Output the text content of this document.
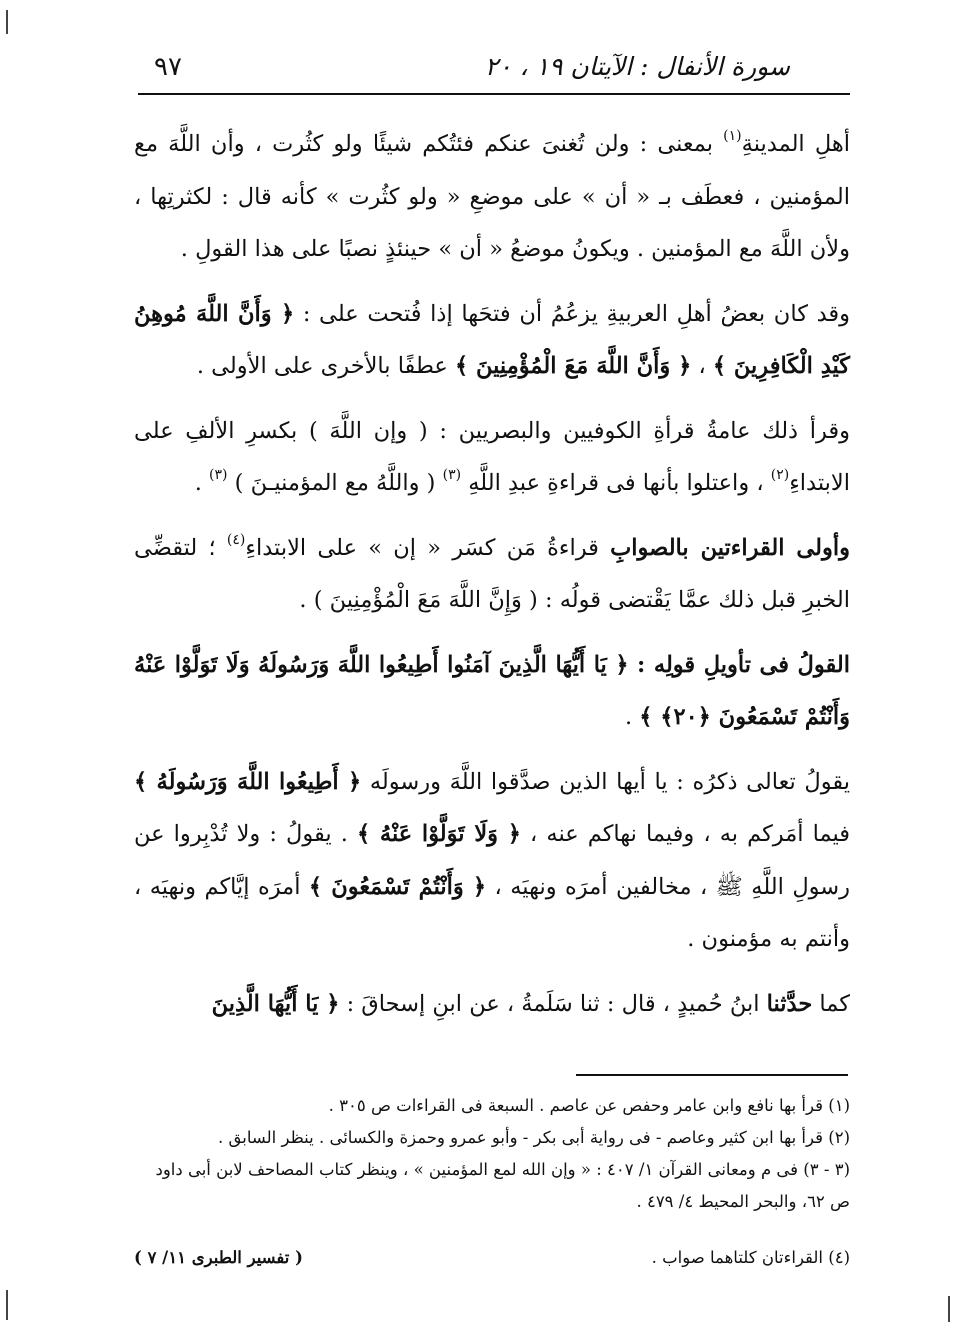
سورة الأنفال : الآيتان ١٩ ، ٢٠
٩٧

أهلِ المدينةِ$^{(١)}$ بمعنى : ولن تُغنىَ عنكم فئتُكم شيئًا ولو كثُرت ، وأن اللَّهَ مع المؤمنين ، فعطَف بـ « أن » على موضعِ « ولو كثُرت » كأنه قال : لكثرتِها ، ولأن اللَّهَ مع المؤمنين . ويكونُ موضعُ « أن » حينئذٍ نصبًا على هذا القولِ .

وقد كان بعضُ أهلِ العربيةِ يزعُمُ أن فتحَها إذا فُتحت على : ﴿ وَأَنَّ اللَّهَ مُوهِنُ كَيْدِ الْكَافِرِينَ ﴾ ، ﴿ وَأَنَّ اللَّهَ مَعَ الْمُؤْمِنِينَ ﴾ عطفًا بالأخرى على الأولى .

وقرأ ذلك عامةُ قرأةِ الكوفيين والبصريين : ( وإن اللَّهَ ) بكسرِ الألفِ على الابتداءِ$^{(٢)}$ ، واعتلوا بأنها فى قراءةِ عبدِ اللَّهِ $^{(٣)}$ ( واللَّهُ مع المؤمنيـنَ ) $^{(٣)}$ .

وأولى القراءتين بالصوابِ قراءةُ مَن كسَر « إن » على الابتداءِ$^{(٤)}$ ؛ لتقضِّى الخبرِ قبل ذلك عمَّا يَقْتضى قولُه : ( وَإِنَّ اللَّهَ مَعَ الْمُؤْمِنِينَ ) .

القولُ فى تأويلِ قولِه : ﴿ يَا أَيُّهَا الَّذِينَ آمَنُوا أَطِيعُوا اللَّهَ وَرَسُولَهُ وَلَا تَوَلَّوْا عَنْهُ وَأَنْتُمْ تَسْمَعُونَ ﴿٢٠﴾ ﴾ .

يقولُ تعالى ذكرُه : يا أيها الذين صدَّقوا اللَّهَ ورسولَه ﴿ أَطِيعُوا اللَّهَ وَرَسُولَهُ ﴾ فيما أمَركم به ، وفيما نهاكم عنه ، ﴿ وَلَا تَوَلَّوْا عَنْهُ ﴾ . يقولُ : ولا تُدْبِروا عن رسولِ اللَّهِ ﷺ ، مخالفين أمرَه ونهيَه ، ﴿ وَأَنْتُمْ تَسْمَعُونَ ﴾ أمرَه إيَّاكم ونهيَه ، وأنتم به مؤمنون .

كما حدَّثنا ابنُ حُميدٍ ، قال : ثنا سَلَمةُ ، عن ابنِ إسحاقَ : ﴿ يَا أَيُّهَا الَّذِينَ

(١) قرأ بها نافع وابن عامر وحفص عن عاصم . السبعة فى القراءات ص ٣٠٥ .

(٢) قرأ بها ابن كثير وعاصم - فى رواية أبى بكر - وأبو عمرو وحمزة والكسائى . ينظر السابق .

(٣ - ٣) فى م ومعانى القرآن ١/ ٤٠٧ : « وإن الله لمع المؤمنين » ، وينظر كتاب المصاحف لابن أبى داود ص ٦٢، والبحر المحيط ٤/ ٤٧٩ .

(٤) القراءتان كلتاهما صواب .
( تفسير الطبرى ١١/ ٧ )
